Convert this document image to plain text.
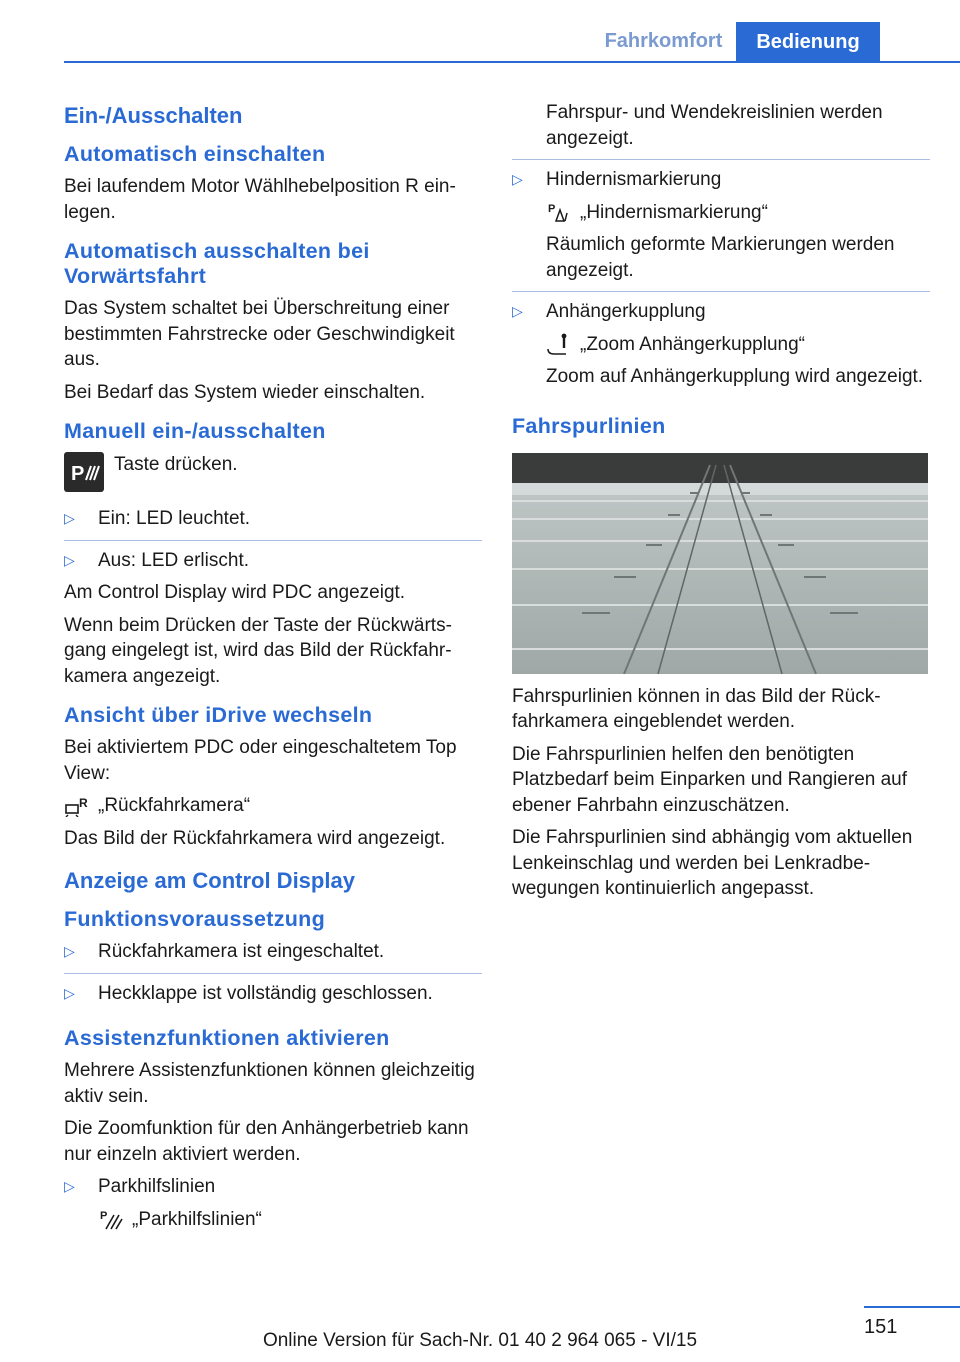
Fahrkomfort	Bedienung
Ein-/Ausschalten
Automatisch einschalten

Bei laufendem Motor Wählhebelposition R einlegen.

Automatisch ausschalten bei Vorwärtsfahrt

Das System schaltet bei Überschreitung einer bestimmten Fahrstrecke oder Geschwindigkeit aus.

Bei Bedarf das System wieder einschalten.

Manuell ein-/ausschalten
P Taste drücken.

▷	Ein: LED leuchtet.
▷	Aus: LED erlischt.

Am Control Display wird PDC angezeigt.

Wenn beim Drücken der Taste der Rückwärtsgang eingelegt ist, wird das Bild der Rückfahrkamera angezeigt.

Ansicht über iDrive wechseln

Bei aktiviertem PDC oder eingeschaltetem Top View:

R „Rückfahrkamera“

Das Bild der Rückfahrkamera wird angezeigt.

Anzeige am Control Display
Funktionsvoraussetzung
▷	Rückfahrkamera ist eingeschaltet.
▷	Heckklappe ist vollständig geschlossen.
Assistenzfunktionen aktivieren

Mehrere Assistenzfunktionen können gleichzeitig aktiv sein.

Die Zoomfunktion für den Anhängerbetrieb kann nur einzeln aktiviert werden.

▷	Parkhilfslinien
P „Parkhilfslinien“

Fahrspur- und Wendekreislinien werden angezeigt.

▷	Hindernismarkierung
P „Hindernismarkierung“

Räumlich geformte Markierungen werden angezeigt.

▷	Anhängerkupplung
„Zoom Anhängerkupplung“

Zoom auf Anhängerkupplung wird angezeigt.

Fahrspurlinien

Fahrspurlinien können in das Bild der Rückfahrkamera eingeblendet werden.

Die Fahrspurlinien helfen den benötigten Platzbedarf beim Einparken und Rangieren auf ebener Fahrbahn einzuschätzen.

Die Fahrspurlinien sind abhängig vom aktuellen Lenkeinschlag und werden bei Lenkradbewegungen kontinuierlich angepasst.

151
Online Version für Sach-Nr. 01 40 2 964 065 - VI/15
